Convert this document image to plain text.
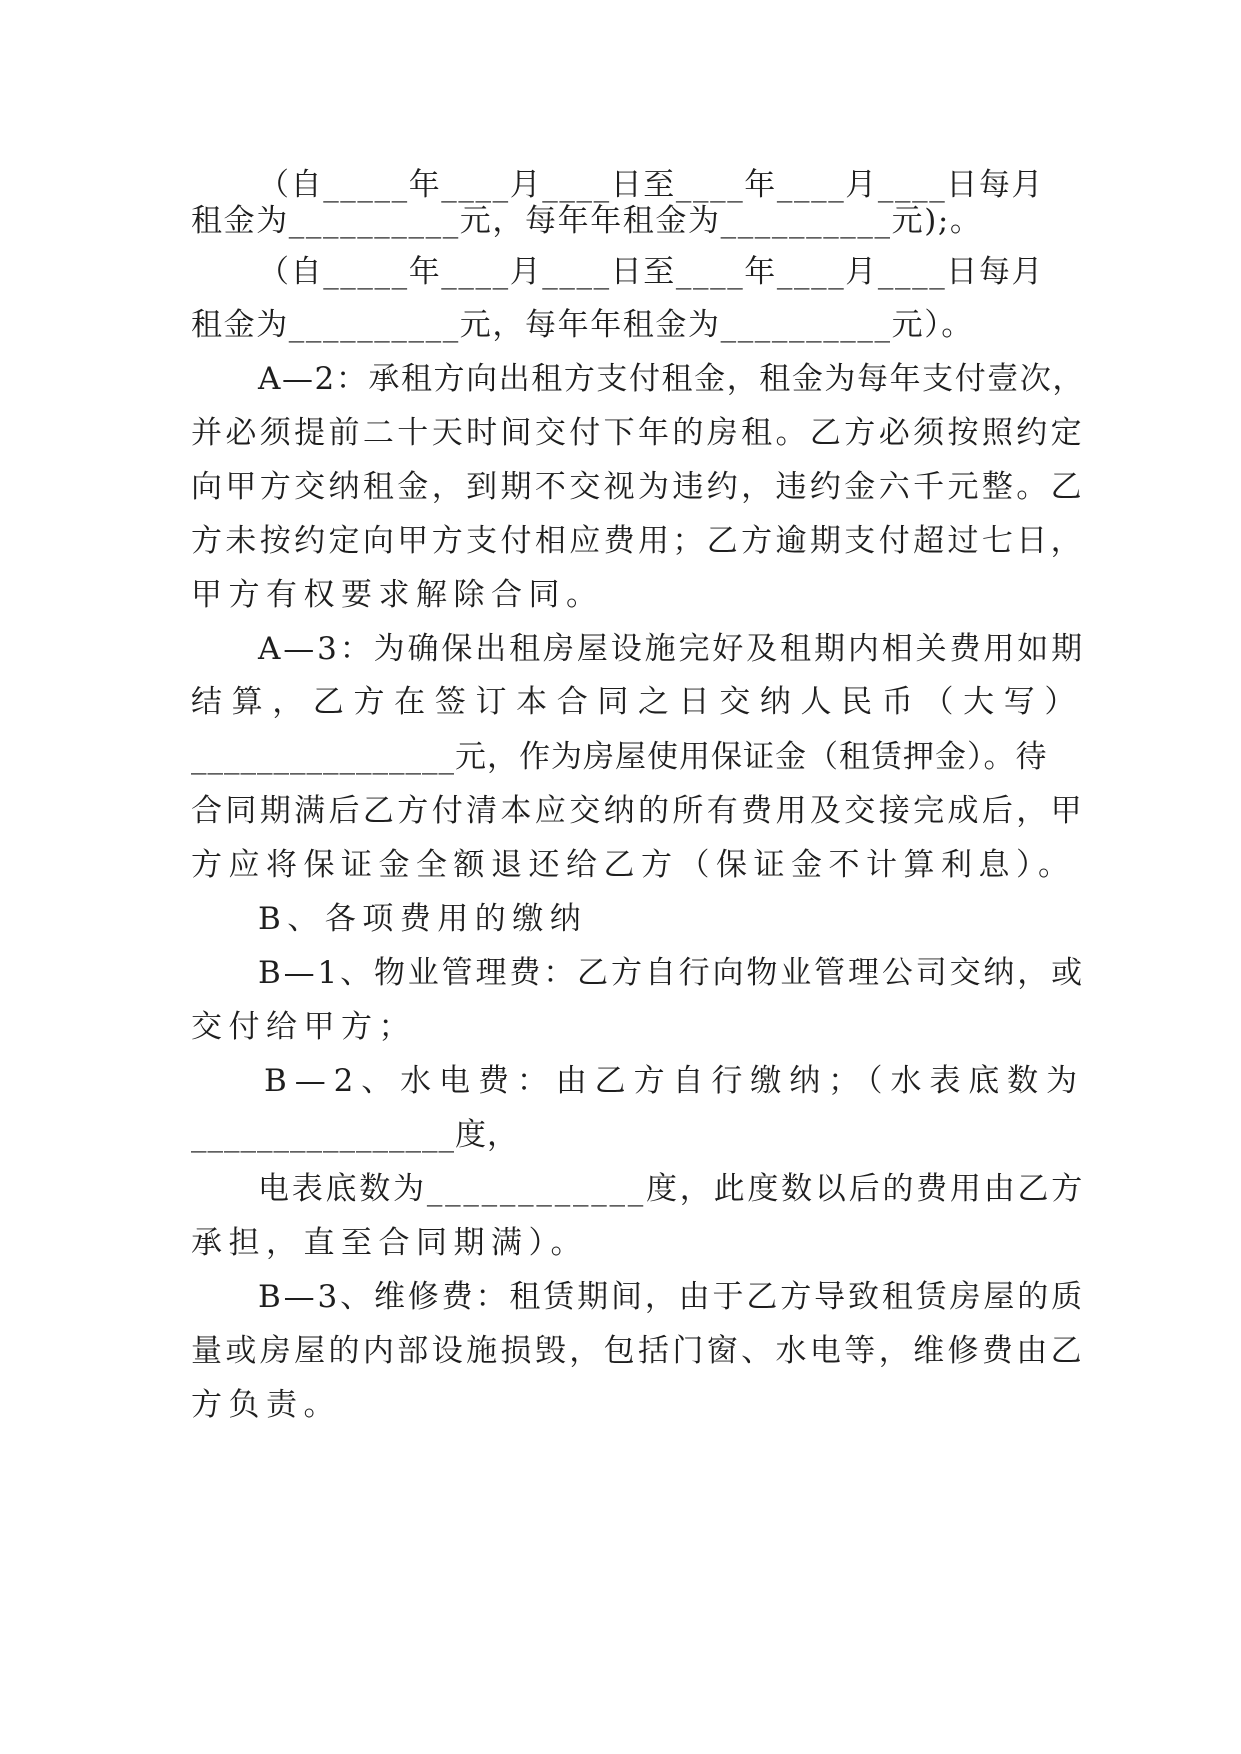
（自_____年____月____日至____年____月____日每月
租金为__________元，每年年租金为__________元);。
（自_____年____月____日至____年____月____日每月
租金为__________元，每年年租金为__________元）。
A—2：承租方向出租方支付租金，租金为每年支付壹次，
并必须提前二十天时间交付下年的房租。乙方必须按照约定
向甲方交纳租金，到期不交视为违约，违约金六千元整。乙
方未按约定向甲方支付相应费用；乙方逾期支付超过七日，
甲方有权要求解除合同。
A—3：为确保出租房屋设施完好及租期内相关费用如期
结算，乙方在签订本合同之日交纳人民币（大写）
________________元，作为房屋使用保证金（租赁押金）。待
合同期满后乙方付清本应交纳的所有费用及交接完成后，甲
方应将保证金全额退还给乙方（保证金不计算利息）。
B、各项费用的缴纳
B—1、物业管理费：乙方自行向物业管理公司交纳，或
交付给甲方；
B—2、水电费：由乙方自行缴纳；（水表底数为
________________度，
电表底数为____________度，此度数以后的费用由乙方
承担，直至合同期满）。
B—3、维修费：租赁期间，由于乙方导致租赁房屋的质
量或房屋的内部设施损毁，包括门窗、水电等，维修费由乙
方负责。
